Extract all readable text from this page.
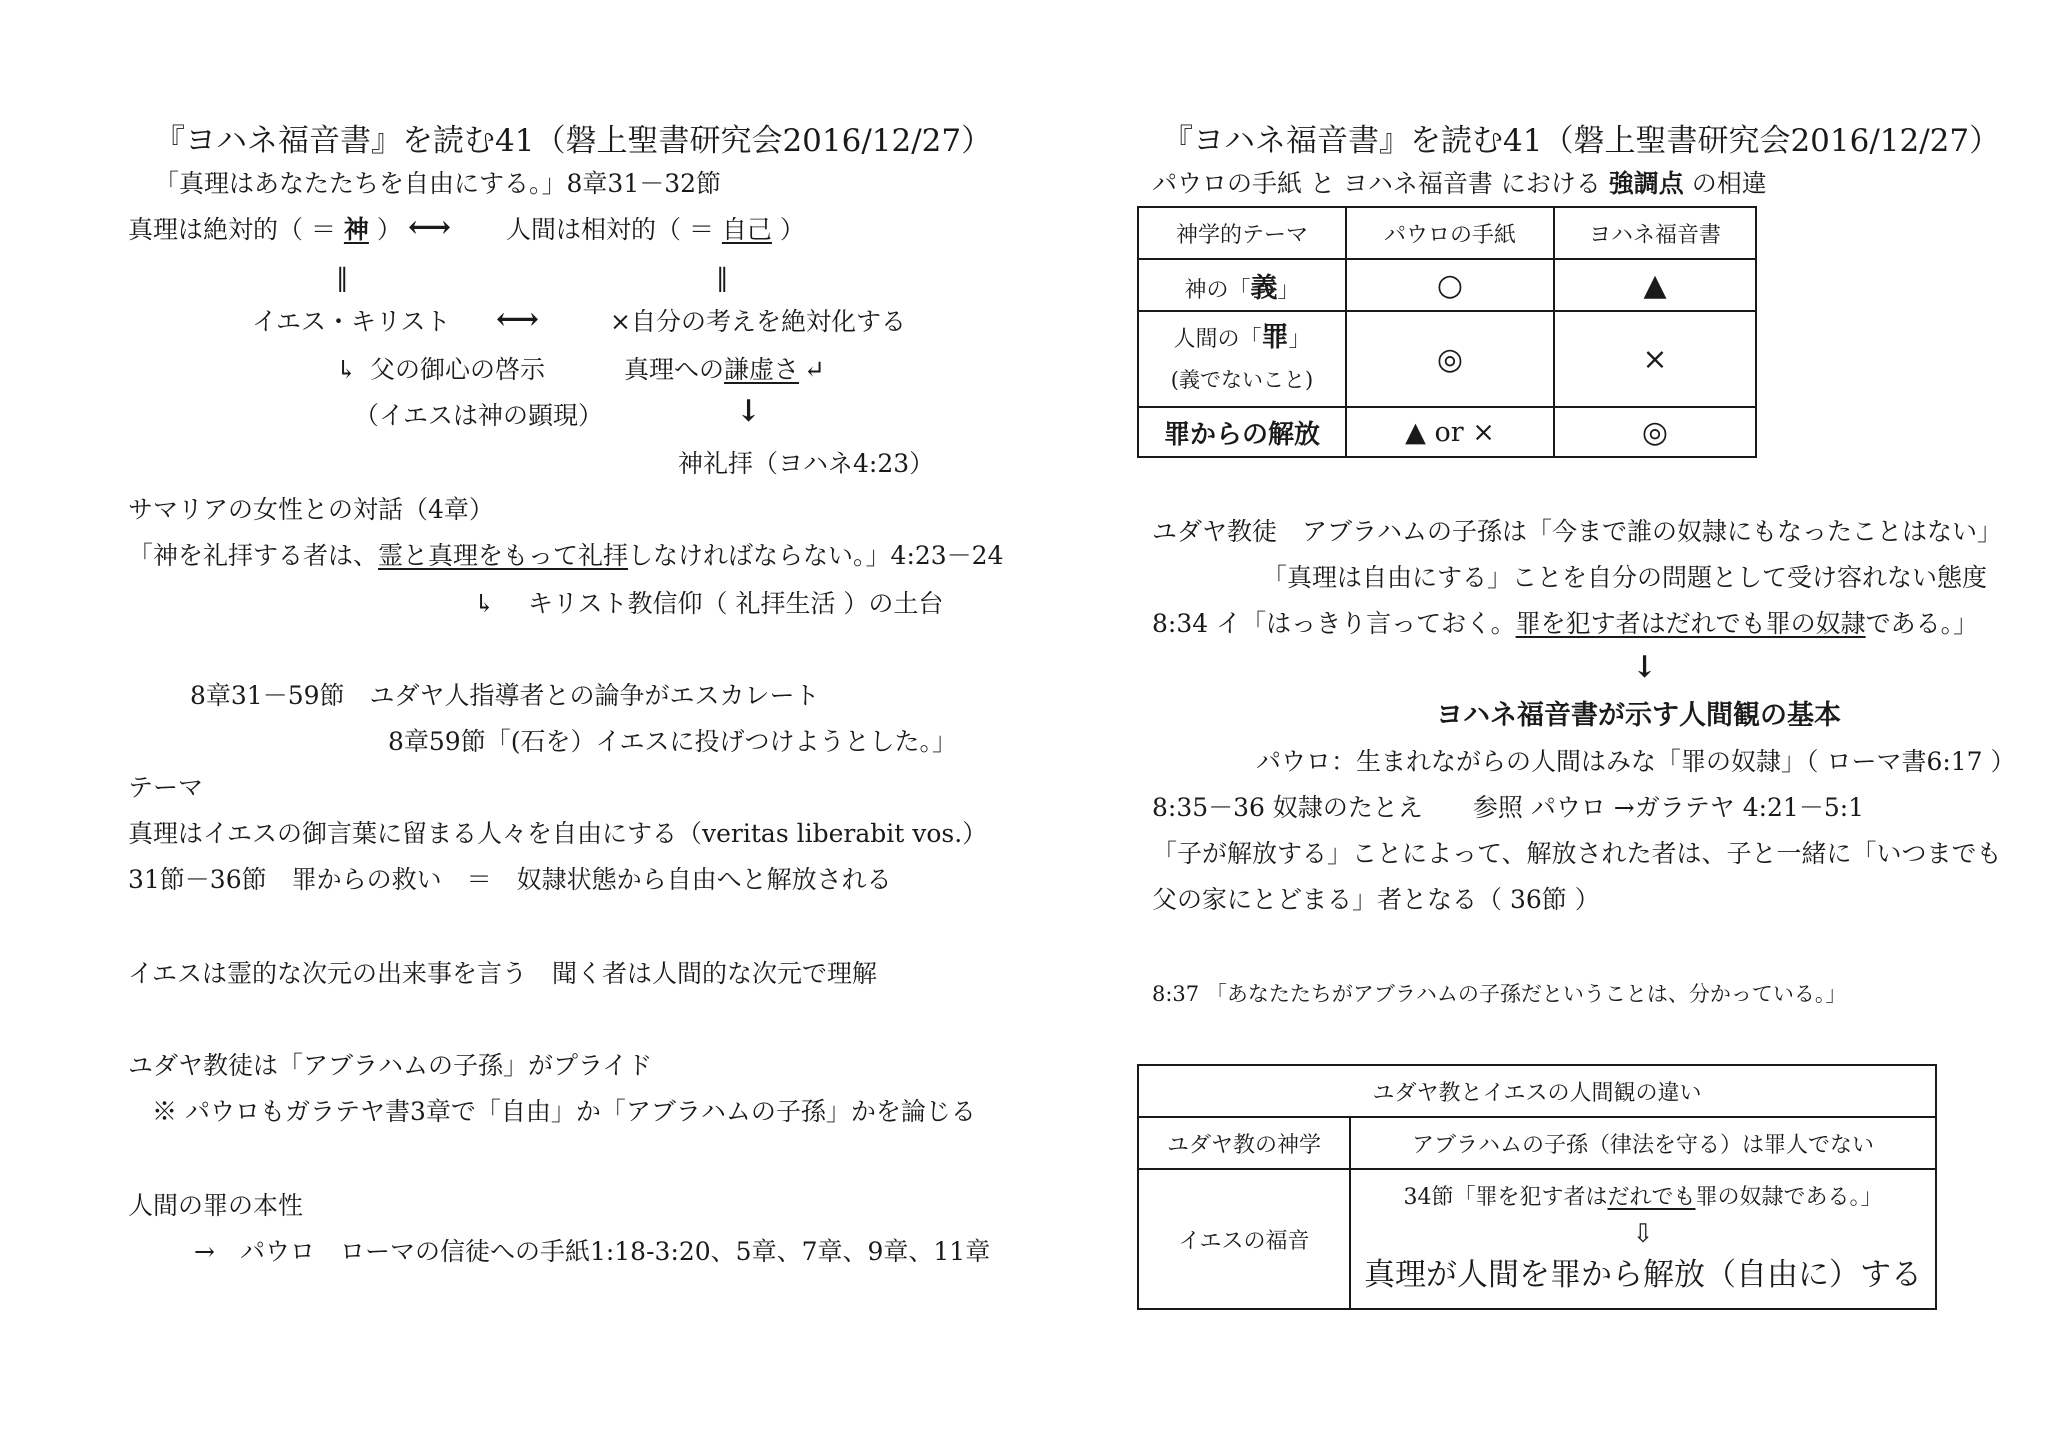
『ヨハネ福音書』を読む41（磐上聖書研究会2016/12/27）
「真理はあなたたちを自由にする。」8章31－32節
真理は絶対的（ ＝ 神 ） ⟷ 人間は相対的（ ＝ 自己 ）
‖	‖
イエス・キリスト ⟷	×自分の考えを絶対化する
↳ 父の御心の啓示	真理への謙虚さ ↵
（イエスは神の顕現）	↓
神礼拝（ヨハネ4:23）
サマリアの女性との対話（4章）
「神を礼拝する者は、霊と真理をもって礼拝しなければならない。」4:23－24
↳ キリスト教信仰（ 礼拝生活 ）の土台
8章31－59節　ユダヤ人指導者との論争がエスカレート
8章59節「(石を）イエスに投げつけようとした。」
テーマ
真理はイエスの御言葉に留まる人々を自由にする（veritas liberabit vos.）
31節－36節　罪からの救い　＝　奴隷状態から自由へと解放される
イエスは霊的な次元の出来事を言う　聞く者は人間的な次元で理解
ユダヤ教徒は「アブラハムの子孫」がプライド
※ パウロもガラテヤ書3章で「自由」か「アブラハムの子孫」かを論じる
人間の罪の本性
→　パウロ　ローマの信徒への手紙1:18-3:20、5章、7章、9章、11章
『ヨハネ福音書』を読む41（磐上聖書研究会2016/12/27）
パウロの手紙 と ヨハネ福音書 における 強調点 の相違
神学的テーマ	パウロの手紙	ヨハネ福音書
神の「義」	○	▲

人間の「罪」
(義でないこと)	◎	×
罪からの解放	▲ or ×	◎
ユダヤ教徒　アブラハムの子孫は「今まで誰の奴隷にもなったことはない」
「真理は自由にする」ことを自分の問題として受け容れない態度
8:34 イ「はっきり言っておく。罪を犯す者はだれでも罪の奴隷である。」
↓
ヨハネ福音書が示す人間観の基本
パウロ：生まれながらの人間はみな「罪の奴隷」（ ローマ書6:17 ）
8:35－36 奴隷のたとえ　　参照 パウロ →ガラテヤ 4:21－5:1
「子が解放する」ことによって、解放された者は、子と一緒に「いつまでも
父の家にとどまる」者となる（ 36節 ）
8:37 「あなたたちがアブラハムの子孫だということは、分かっている。」
ユダヤ教とイエスの人間観の違い	
ユダヤ教の神学	アブラハムの子孫（律法を守る）は罪人でない
イエスの福音	34節「罪を犯す者はだれでも罪の奴隷である。」
⇩
真理が人間を罪から解放（自由に）する
